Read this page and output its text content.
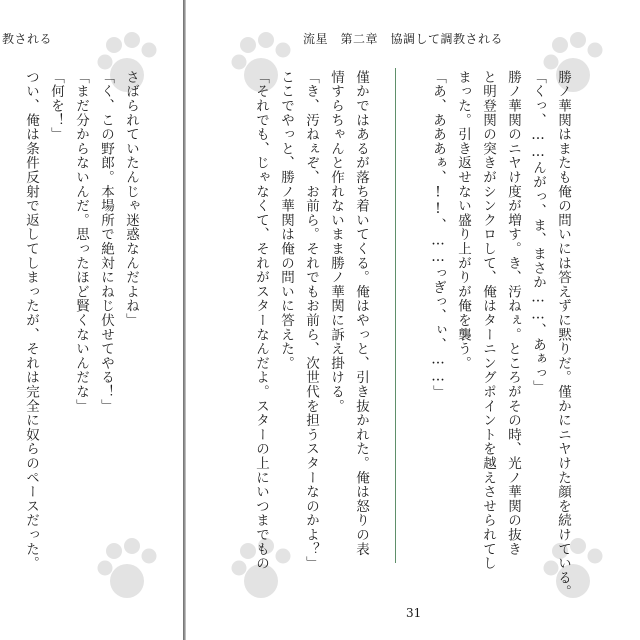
教される

さばられていたんじゃ迷惑なんだよね」

「く、この野郎。本場所で絶対にねじ伏せてやる！」

「まだ分からないんだ。思ったほど賢くないんだな」

「何を！」

つい、俺は条件反射で返してしまったが、それは完全に奴らのペースだった。

流星　第二章　協調して調教される

勝ノ華関はまたも俺の問いには答えずに黙りだ。僅かにニヤけた顔を続けている。

「くっ、……んがっ、ま、まさか……、あぁっ」

勝ノ華関のニヤけ度が増す。き、汚ねぇ。ところがその時、光ノ華関の抜き

と明登関の突きがシンクロして、俺はターニングポイントを越えさせられてし

まった。引き返せない盛り上がりが俺を襲う。

「あ、あああぁ、!!、……っぎっ、ぃ、……」

僅かではあるが落ち着いてくる。俺はやっと、引き抜かれた。俺は怒りの表

情すらちゃんと作れないまま勝ノ華関に訴え掛ける。

「き、汚ねぇぞ、お前ら。それでもお前ら、次世代を担うスターなのかよ？」

ここでやっと、勝ノ華関は俺の問いに答えた。

「それでも、じゃなくて、それがスターなんだよ。スターの上にいつまでもの

31
